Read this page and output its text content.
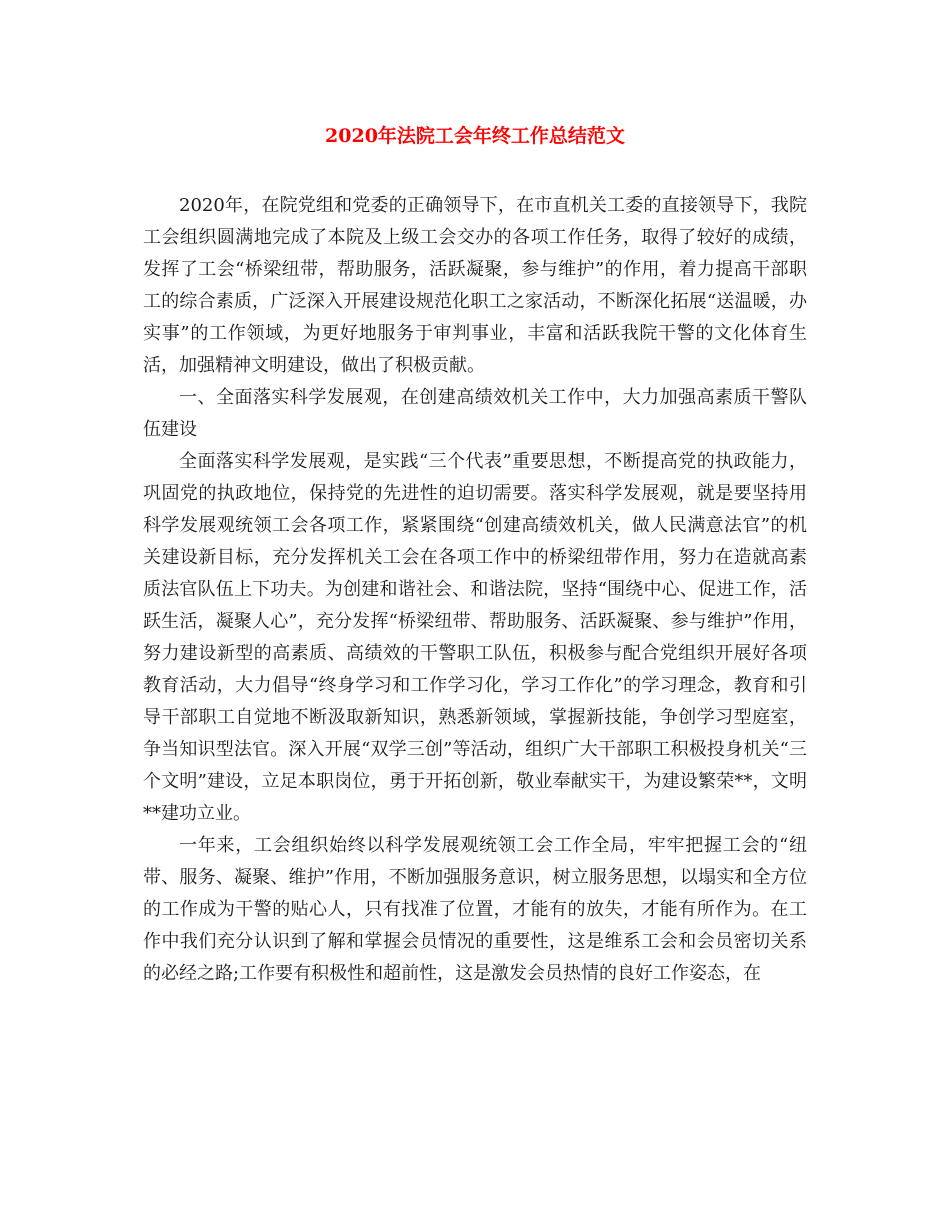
2020年法院工会年终工作总结范文

2020年，在院党组和党委的正确领导下，在市直机关工委的直接领导下，我院工会组织圆满地完成了本院及上级工会交办的各项工作任务，取得了较好的成绩，发挥了工会“桥梁纽带，帮助服务，活跃凝聚，参与维护”的作用，着力提高干部职工的综合素质，广泛深入开展建设规范化职工之家活动，不断深化拓展“送温暖，办实事”的工作领域，为更好地服务于审判事业，丰富和活跃我院干警的文化体育生活，加强精神文明建设，做出了积极贡献。

一、全面落实科学发展观，在创建高绩效机关工作中，大力加强高素质干警队伍建设

全面落实科学发展观，是实践“三个代表”重要思想，不断提高党的执政能力，巩固党的执政地位，保持党的先进性的迫切需要。落实科学发展观，就是要坚持用科学发展观统领工会各项工作，紧紧围绕“创建高绩效机关，做人民满意法官”的机关建设新目标，充分发挥机关工会在各项工作中的桥梁纽带作用，努力在造就高素质法官队伍上下功夫。为创建和谐社会、和谐法院，坚持“围绕中心、促进工作，活跃生活，凝聚人心”，充分发挥“桥梁纽带、帮助服务、活跃凝聚、参与维护”作用，努力建设新型的高素质、高绩效的干警职工队伍，积极参与配合党组织开展好各项教育活动，大力倡导“终身学习和工作学习化，学习工作化”的学习理念，教育和引导干部职工自觉地不断汲取新知识，熟悉新领域，掌握新技能，争创学习型庭室，争当知识型法官。深入开展“双学三创”等活动，组织广大干部职工积极投身机关“三个文明”建设，立足本职岗位，勇于开拓创新，敬业奉献实干，为建设繁荣**，文明**建功立业。

一年来，工会组织始终以科学发展观统领工会工作全局，牢牢把握工会的“纽带、服务、凝聚、维护”作用，不断加强服务意识，树立服务思想，以塌实和全方位的工作成为干警的贴心人，只有找准了位置，才能有的放失，才能有所作为。在工作中我们充分认识到了解和掌握会员情况的重要性，这是维系工会和会员密切关系的必经之路;工作要有积极性和超前性，这是激发会员热情的良好工作姿态，在
